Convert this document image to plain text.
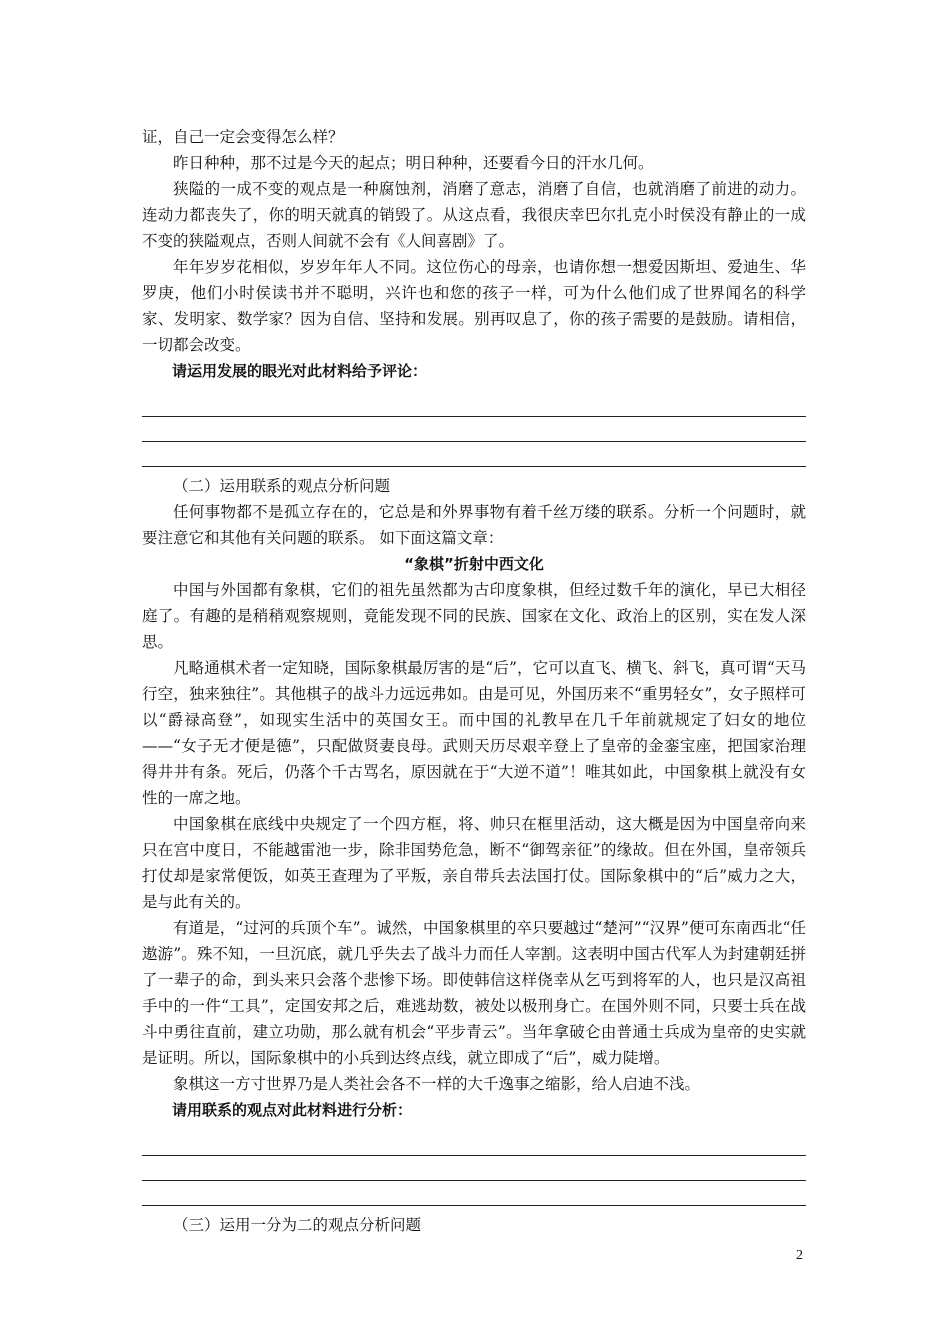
证，自己一定会变得怎么样？

昨日种种，那不过是今天的起点；明日种种，还要看今日的汗水几何。

狭隘的一成不变的观点是一种腐蚀剂，消磨了意志，消磨了自信，也就消磨了前进的动力。连动力都丧失了，你的明天就真的销毁了。从这点看，我很庆幸巴尔扎克小时侯没有静止的一成不变的狭隘观点，否则人间就不会有《人间喜剧》了。

年年岁岁花相似，岁岁年年人不同。这位伤心的母亲，也请你想一想爱因斯坦、爱迪生、华罗庚，他们小时侯读书并不聪明，兴许也和您的孩子一样，可为什么他们成了世界闻名的科学家、发明家、数学家？因为自信、坚持和发展。别再叹息了，你的孩子需要的是鼓励。请相信，一切都会改变。

请运用发展的眼光对此材料给予评论：

（二）运用联系的观点分析问题

任何事物都不是孤立存在的，它总是和外界事物有着千丝万缕的联系。分析一个问题时，就要注意它和其他有关问题的联系。 如下面这篇文章：

“象棋”折射中西文化

中国与外国都有象棋，它们的祖先虽然都为古印度象棋，但经过数千年的演化，早已大相径庭了。有趣的是稍稍观察规则，竟能发现不同的民族、国家在文化、政治上的区别，实在发人深思。

凡略通棋术者一定知晓，国际象棋最厉害的是“后”，它可以直飞、横飞、斜飞，真可谓“天马行空，独来独往”。其他棋子的战斗力远远弗如。由是可见，外国历来不“重男轻女”，女子照样可以“爵禄高登”，如现实生活中的英国女王。而中国的礼教早在几千年前就规定了妇女的地位——“女子无才便是德”，只配做贤妻良母。武则天历尽艰辛登上了皇帝的金銮宝座，把国家治理得井井有条。死后，仍落个千古骂名，原因就在于“大逆不道”！唯其如此，中国象棋上就没有女性的一席之地。

中国象棋在底线中央规定了一个四方框，将、帅只在框里活动，这大概是因为中国皇帝向来只在宫中度日，不能越雷池一步，除非国势危急，断不“御驾亲征”的缘故。但在外国，皇帝领兵打仗却是家常便饭，如英王查理为了平叛，亲自带兵去法国打仗。国际象棋中的“后”威力之大，是与此有关的。

有道是，“过河的兵顶个车”。诚然，中国象棋里的卒只要越过“楚河”“汉界”便可东南西北“任遨游”。殊不知，一旦沉底，就几乎失去了战斗力而任人宰割。这表明中国古代军人为封建朝廷拼了一辈子的命，到头来只会落个悲惨下场。即使韩信这样侥幸从乞丐到将军的人，也只是汉高祖手中的一件“工具”，定国安邦之后，难逃劫数，被处以极刑身亡。在国外则不同，只要士兵在战斗中勇往直前，建立功勋，那么就有机会“平步青云”。当年拿破仑由普通士兵成为皇帝的史实就是证明。所以，国际象棋中的小兵到达终点线，就立即成了“后”，威力陡增。

象棋这一方寸世界乃是人类社会各不一样的大千逸事之缩影，给人启迪不浅。

请用联系的观点对此材料进行分析：

（三）运用一分为二的观点分析问题

2
